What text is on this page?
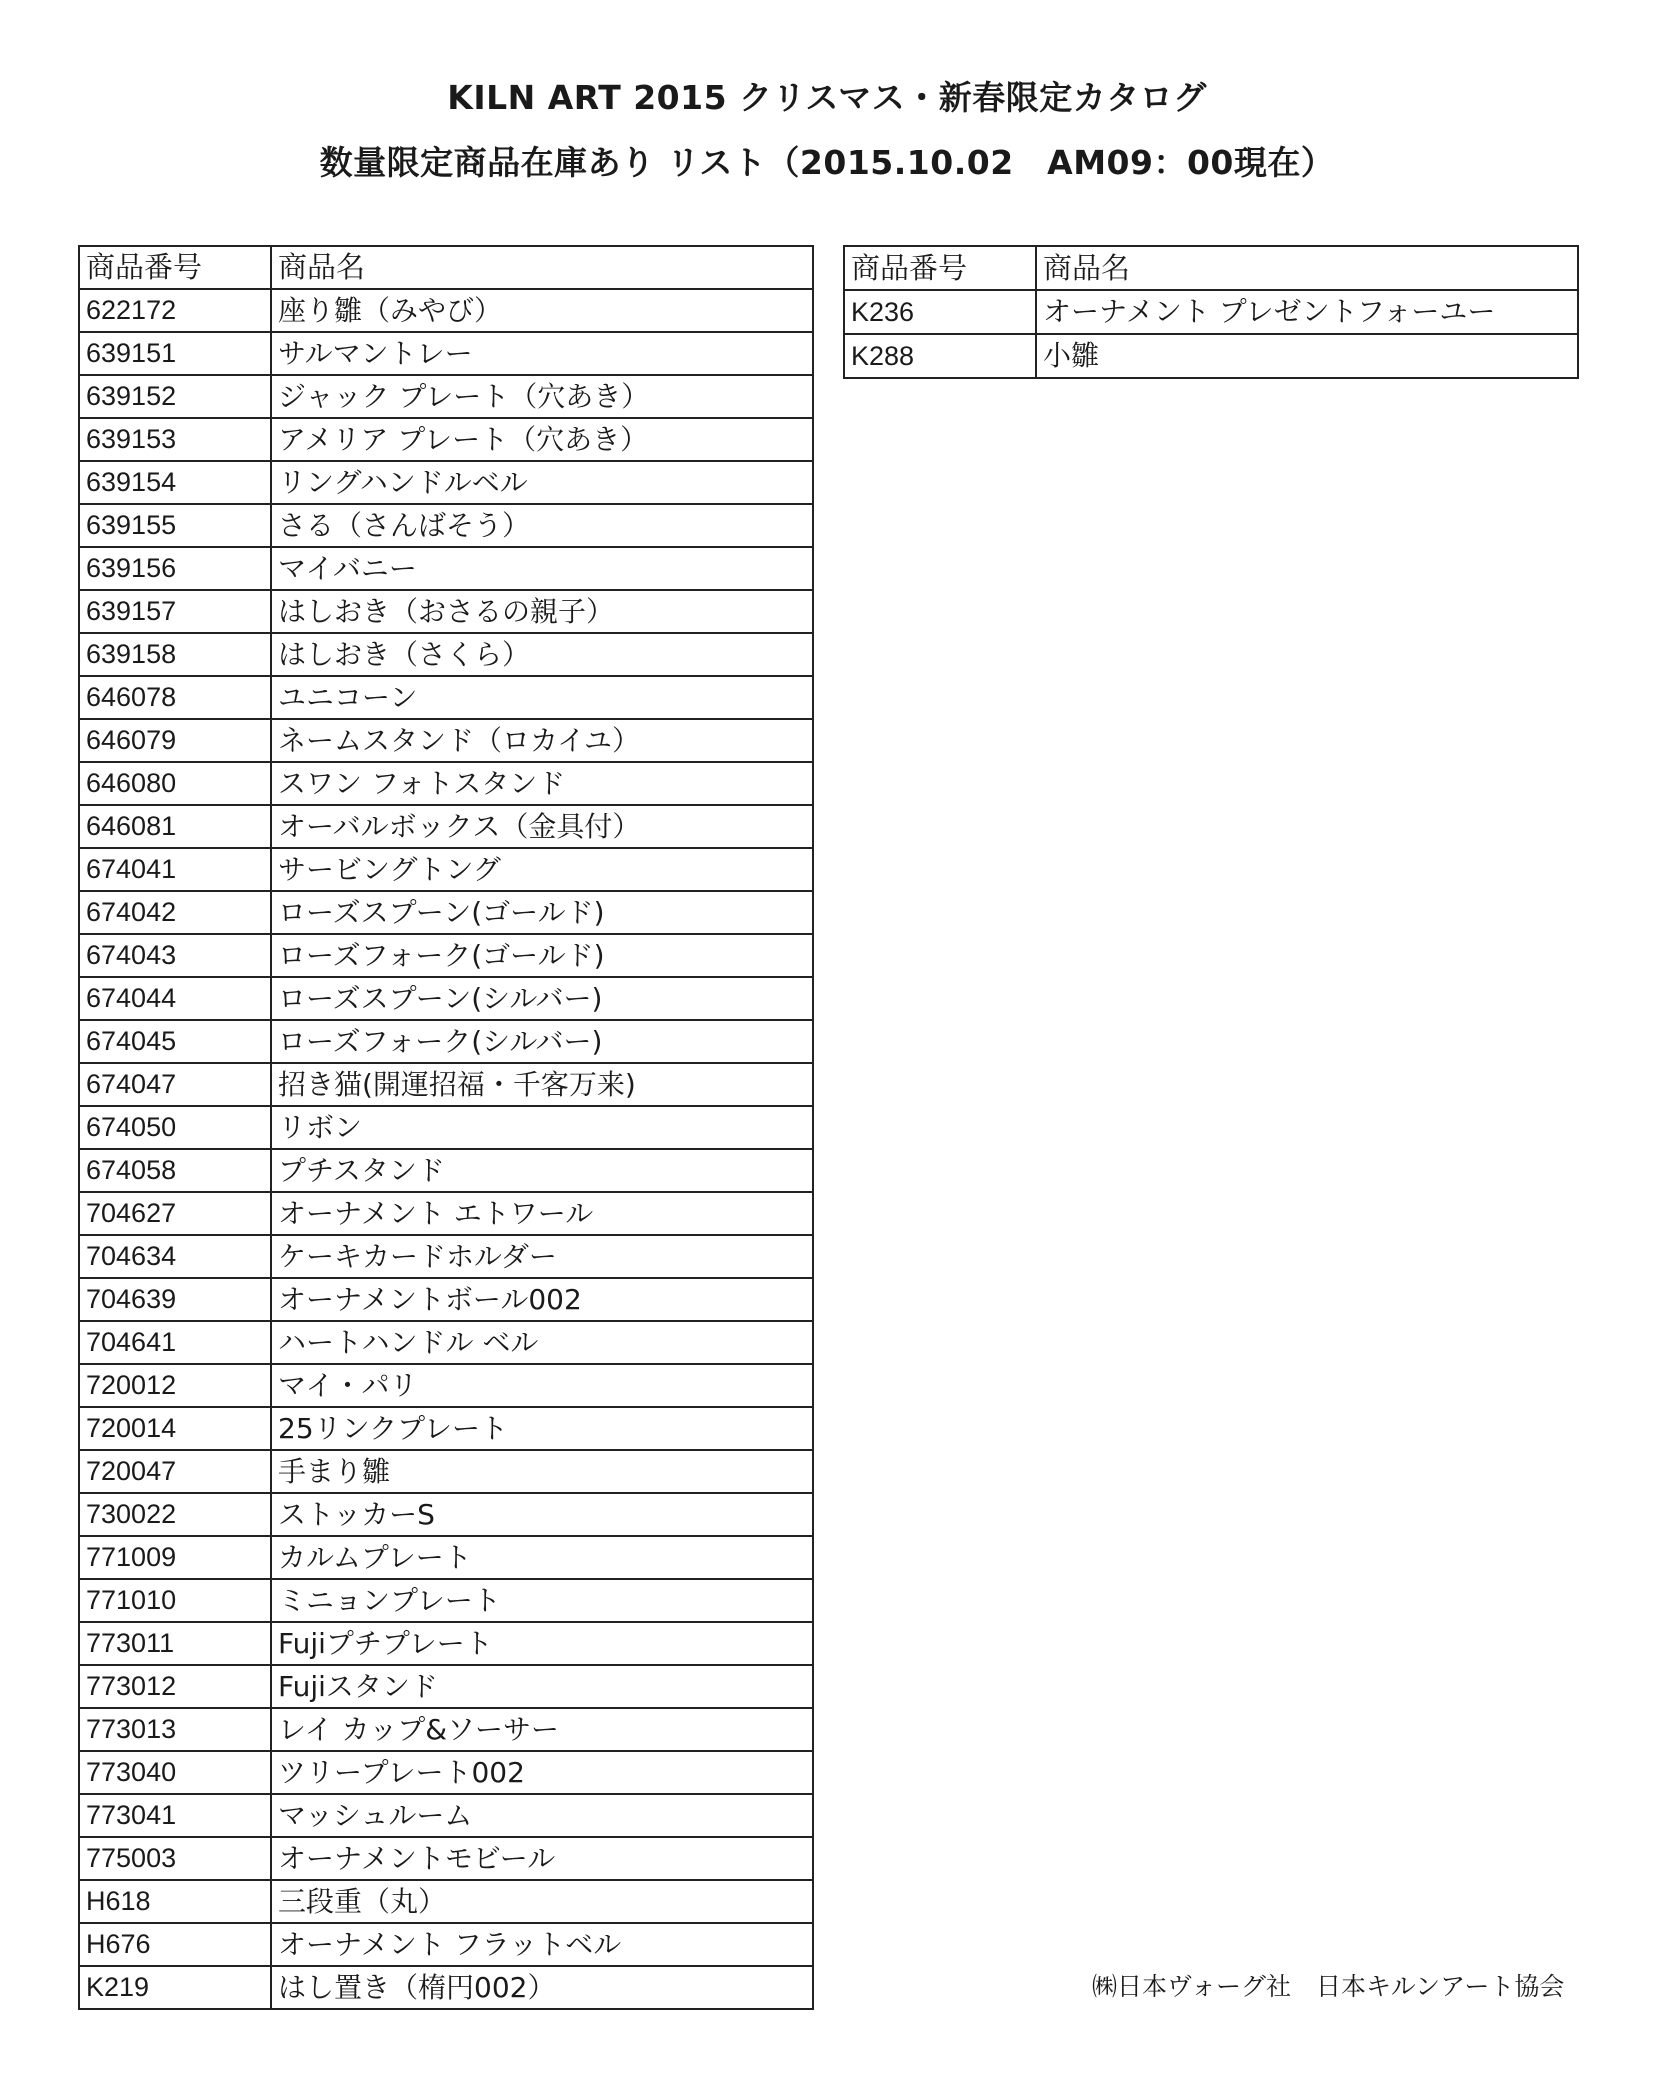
KILN ART 2015 クリスマス・新春限定カタログ
数量限定商品在庫あり リスト（2015.10.02　AM09：00現在）
商品番号	商品名
622172	座り雛（みやび）
639151	サルマントレー
639152	ジャック プレート（穴あき）
639153	アメリア プレート（穴あき）
639154	リングハンドルベル
639155	さる（さんばそう）
639156	マイバニー
639157	はしおき（おさるの親子）
639158	はしおき（さくら）
646078	ユニコーン
646079	ネームスタンド（ロカイユ）
646080	スワン フォトスタンド
646081	オーバルボックス（金具付）
674041	サービングトング
674042	ローズスプーン(ゴールド)
674043	ローズフォーク(ゴールド)
674044	ローズスプーン(シルバー)
674045	ローズフォーク(シルバー)
674047	招き猫(開運招福・千客万来)
674050	リボン
674058	プチスタンド
704627	オーナメント エトワール
704634	ケーキカードホルダー
704639	オーナメントボール002
704641	ハートハンドル ベル
720012	マイ・パリ
720014	25リンクプレート
720047	手まり雛
730022	ストッカーS
771009	カルムプレート
771010	ミニョンプレート
773011	Fujiプチプレート
773012	Fujiスタンド
773013	レイ カップ&ソーサー
773040	ツリープレート002
773041	マッシュルーム
775003	オーナメントモビール
H618	三段重（丸）
H676	オーナメント フラットベル
K219	はし置き（楕円002）
商品番号	商品名
K236	オーナメント プレゼントフォーユー
K288	小雛
㈱日本ヴォーグ社　日本キルンアート協会
